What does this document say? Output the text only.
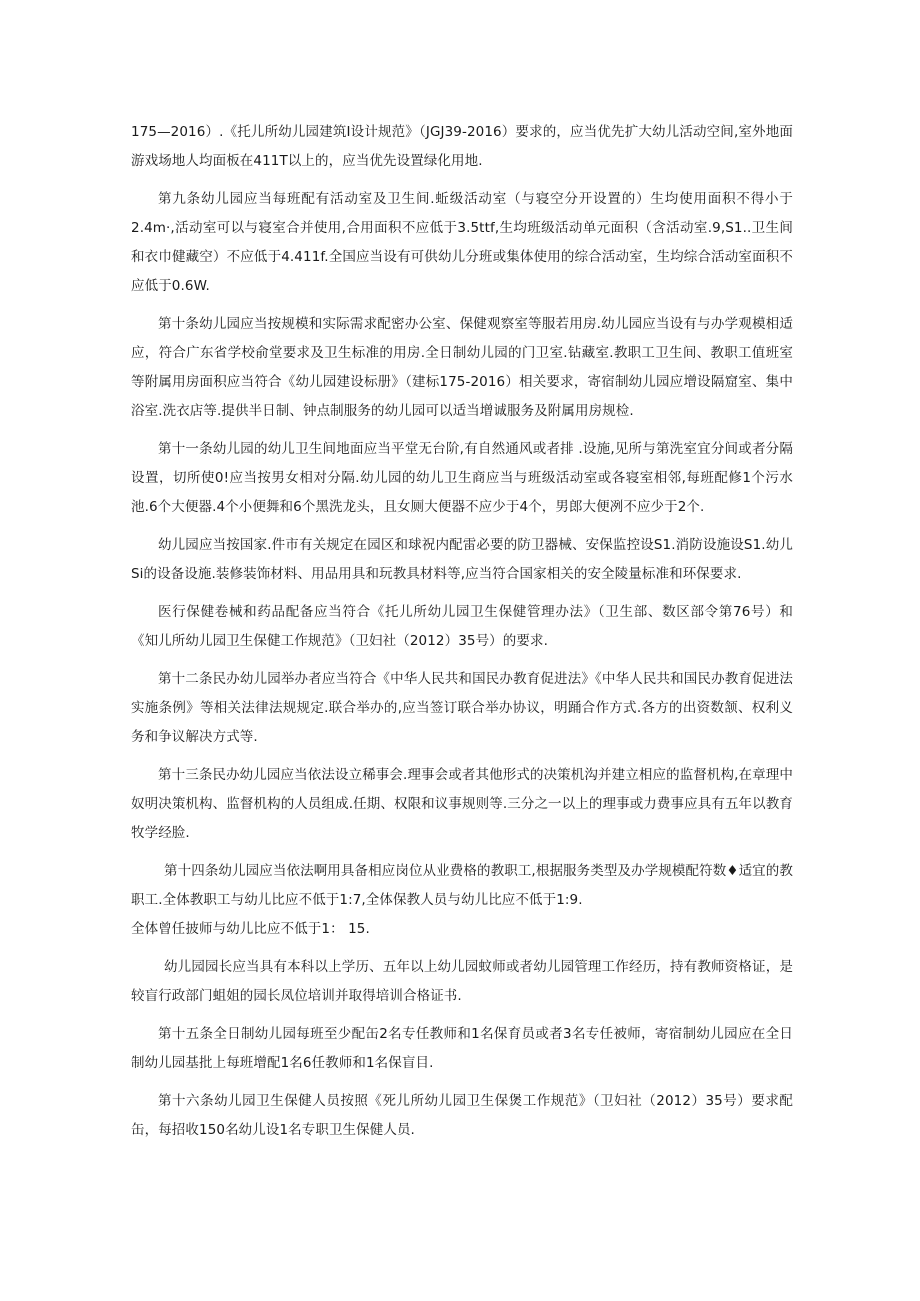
175—2016）.《托儿所幼儿园建筑I设计规范》（JGJ39-2016）要求的，应当优先扩大幼儿活动空间,室外地面游戏场地人均面板在411T以上的，应当优先设置绿化用地.

第九条幼儿园应当每班配有活动室及卫生间.蚯级活动室（与寝空分开设置的）生均使用面积不得小于2.4m·,活动室可以与寝室合并使用,合用面积不应低于3.5ttf,生均班级活动单元面积（含活动室.9,S1..卫生间和衣巾健藏空）不应低于4.411f.全国应当设有可供幼儿分班或集体使用的综合活动室，生均综合活动室面积不应低于0.6W.

第十条幼儿园应当按规模和实际需求配密办公室、保健观察室等服若用房.幼儿园应当设有与办学观模相适应，符合广东省学校俞堂要求及卫生标准的用房.全日制幼儿园的门卫室.钻藏室.教职工卫生间、教职工值班室等附属用房面积应当符合《幼儿园建设标册》（建标175-2016）相关要求，寄宿制幼儿园应增设隔窟室、集中浴室.洗衣店等.提供半日制、钟点制服务的幼儿园可以适当增诚服务及附属用房规检.

第十一条幼儿园的幼儿卫生间地面应当平堂无台阶,有自然通风或者排 .设施,见所与第洗室宜分间或者分隔设置，切所使0!应当按男女相对分隔.幼儿园的幼儿卫生商应当与班级活动室或各寝室相邻,每班配修1个污水池.6个大便器.4个小便舞和6个黑洗龙头，且女厕大便器不应少于4个，男郎大便冽不应少于2个.

幼儿园应当按国家.件市有关规定在园区和球祝内配雷必要的防卫器械、安保监控设S1.消防设施设S1.幼儿Si的设备设施.装修装饰材料、用品用具和玩教具材料等,应当符合国家相关的安全陵量标准和环保要求.

医行保健卷械和药品配备应当符合《托儿所幼儿园卫生保健管理办法》（卫生部、数区部令第76号）和《知儿所幼儿园卫生保健工作规范》（卫妇社（2012）35号）的要求.

第十二条民办幼儿园举办者应当符合《中华人民共和国民办教育促进法》《中华人民共和国民办教育促进法实施条例》等相关法律法规规定.联合举办的,应当签订联合举办协议，明踊合作方式.各方的出资数颔、权利义务和争议解决方式等.

第十三条民办幼儿园应当依法设立稀事会.理事会或者其他形式的决策机沟并建立相应的监督机构,在章理中奴明决策机构、监督机构的人员组成.任期、权限和议事规则等.三分之一以上的理事或力费事应具有五年以教育牧学经脸.

第十四条幼儿园应当依法啊用具备相应岗位从业费格的教职工,根据服务类型及办学规模配符数♦适宜的教职工.全体教职工与幼儿比应不低于1:7,全体保教人员与幼儿比应不低于1:9.

全体曾任披师与幼儿比应不低于1： 15.

幼儿园园长应当具有本科以上学历、五年以上幼儿园蚊师或者幼儿园管理工作经历，持有教师资格证，是较盲行政部门蛆姐的园长凤位培训并取得培训合格证书.

第十五条全日制幼儿园每班至少配缶2名专任教师和1名保育员或者3名专任被师，寄宿制幼儿园应在全日制幼儿园基批上每班增配1名6任教师和1名保盲目.

第十六条幼儿园卫生保健人员按照《死儿所幼儿园卫生保煲工作规范》（卫妇社（2012）35号）要求配缶，每招收150名幼儿设1名专职卫生保健人员.
